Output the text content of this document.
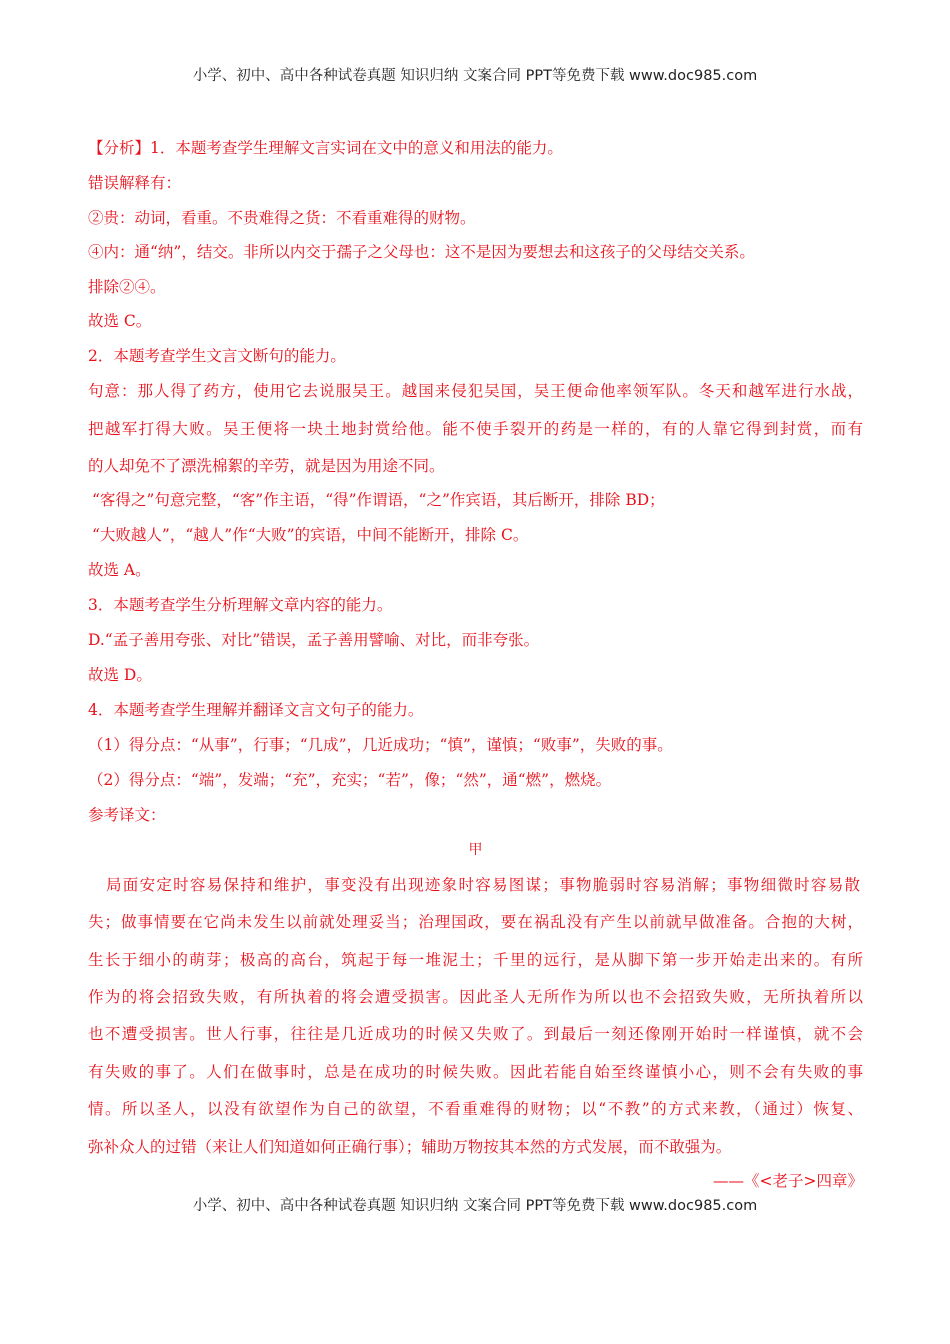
小学、初中、高中各种试卷真题 知识归纳 文案合同 PPT等免费下载 www.doc985.com
【分析】1．本题考查学生理解文言实词在文中的意义和用法的能力。
错误解释有：
②贵：动词，看重。不贵难得之货：不看重难得的财物。
④内：通“纳”，结交。非所以内交于孺子之父母也：这不是因为要想去和这孩子的父母结交关系。
排除②④。
故选 C。
2．本题考查学生文言文断句的能力。
句意：那人得了药方，使用它去说服吴王。越国来侵犯吴国，吴王便命他率领军队。冬天和越军进行水战，
把越军打得大败。吴王便将一块土地封赏给他。能不使手裂开的药是一样的，有的人靠它得到封赏，而有
的人却免不了漂洗棉絮的辛劳，就是因为用途不同。
“客得之”句意完整，“客”作主语，“得”作谓语，“之”作宾语，其后断开，排除 BD；
“大败越人”，“越人”作“大败”的宾语，中间不能断开，排除 C。
故选 A。
3．本题考查学生分析理解文章内容的能力。
D.“孟子善用夸张、对比”错误，孟子善用譬喻、对比，而非夸张。
故选 D。
4．本题考查学生理解并翻译文言文句子的能力。
（1）得分点：“从事”，行事；“几成”，几近成功；“慎”，谨慎；“败事”，失败的事。
（2）得分点：“端”，发端；“充”，充实；“若”，像；“然”，通“燃”，燃烧。
参考译文：
甲
局面安定时容易保持和维护，事变没有出现迹象时容易图谋；事物脆弱时容易消解；事物细微时容易散
失；做事情要在它尚未发生以前就处理妥当；治理国政，要在祸乱没有产生以前就早做准备。合抱的大树，
生长于细小的萌芽；极高的高台，筑起于每一堆泥土；千里的远行，是从脚下第一步开始走出来的。有所
作为的将会招致失败，有所执着的将会遭受损害。因此圣人无所作为所以也不会招致失败，无所执着所以
也不遭受损害。世人行事，往往是几近成功的时候又失败了。到最后一刻还像刚开始时一样谨慎，就不会
有失败的事了。人们在做事时，总是在成功的时候失败。因此若能自始至终谨慎小心，则不会有失败的事
情。所以圣人，以没有欲望作为自己的欲望，不看重难得的财物；以“不教”的方式来教，（通过）恢复、
弥补众人的过错（来让人们知道如何正确行事）；辅助万物按其本然的方式发展，而不敢强为。
——《<老子>四章》
小学、初中、高中各种试卷真题 知识归纳 文案合同 PPT等免费下载 www.doc985.com
